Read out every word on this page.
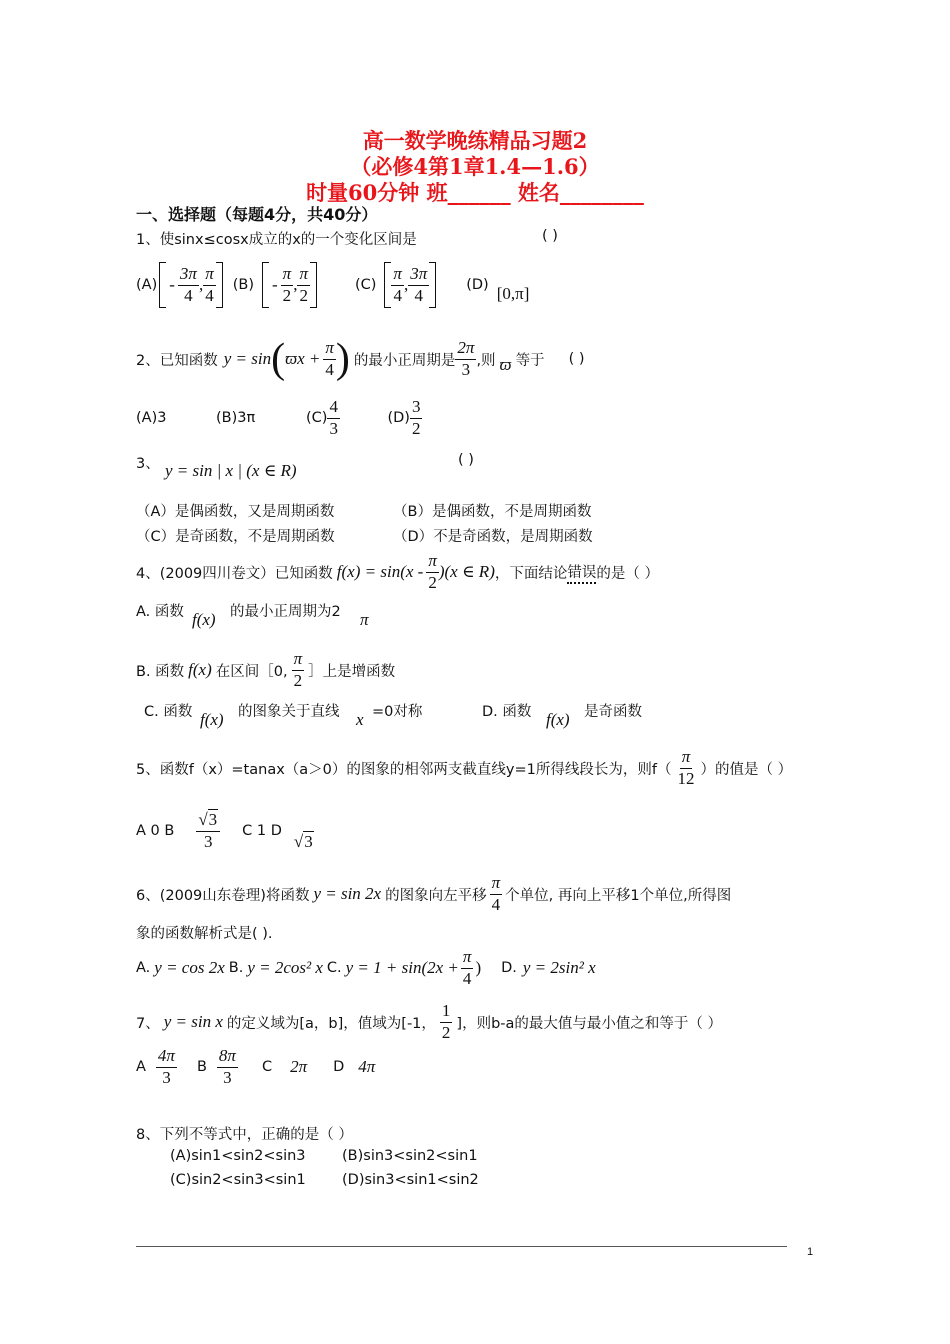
高一数学晚练精品习题2
（必修4第1章1.4—1.6）
时量60分钟 班______ 姓名________
一、选择题（每题4分，共40分）
1、使sinx≤cosx成立的x的一个变化区间是	( )
$(A) - \frac{3\pi}{4}$ , $\frac{\pi}{4} (B) - \frac{\pi}{2}$ , $\frac{\pi}{2}$	$(C) \frac{\pi}{4}$ , $\frac{3\pi}{4}$	(D) [0,π]
2、已知函数 y = sin ( $ϖx + \frac{\pi}{4}$ ) 的最小正周期是 $\frac{2\pi}{3}$ ,则 ϖ 等于 ( )
(A)3	(B)3π	$(C) \frac{4}{3} (D) \frac{3}{2}$
3、 y = sin | x | (x ∈ R)
( )
（A）是偶函数，又是周期函数	（B）是偶函数，不是周期函数
（C）是奇函数，不是周期函数	（D）不是奇函数，是周期函数
4、(2009四川卷文）已知函数 $f(x) = \sin(x - \frac{\pi}{2} )(x$ ∈ R) ，下面结论 错误 的是（ ）
A. 函数 f(x) 的最小正周期为2 π
B. 函数 f(x) 在区间［0, $\frac{\pi}{2}$ ］上是增函数
C. 函数 f(x) 的图象关于直线 x =0对称	D. 函数 f(x) 是奇函数
5、函数f（x）=tanax（a＞0）的图象的相邻两支截直线y=1所得线段长为，则$f( \frac{\pi}{12}$ ）的值是（ ）
A 0 B $\frac{√3}{3}$ C 1 D
√3
6、(2009山东卷理)将函数 y = sin 2x 的图象向左平移 $\frac{\pi}{4}$ 个单位, 再向上平移1个单位,所得图
象的函数解析式是( ).
A. y = cos 2x B. y = 2cos² x C. $y = 1 + \sin(2x + \frac{\pi}{4}$ ) D. y = 2sin² x
7、 y = sin x 的定义域为[a，b]，值域为[-1， $\frac{1}{2}$ ]，则b-a的最大值与最小值之和等于（ ）
A $\frac{4\pi}{3}$ B $\frac{8\pi}{3}$ C 2π D 4π
8、下列不等式中，正确的是（ ）
(A)sin1<sin2<sin3	(B)sin3<sin2<sin1
(C)sin2<sin3<sin1	(D)sin3<sin1<sin2
1
